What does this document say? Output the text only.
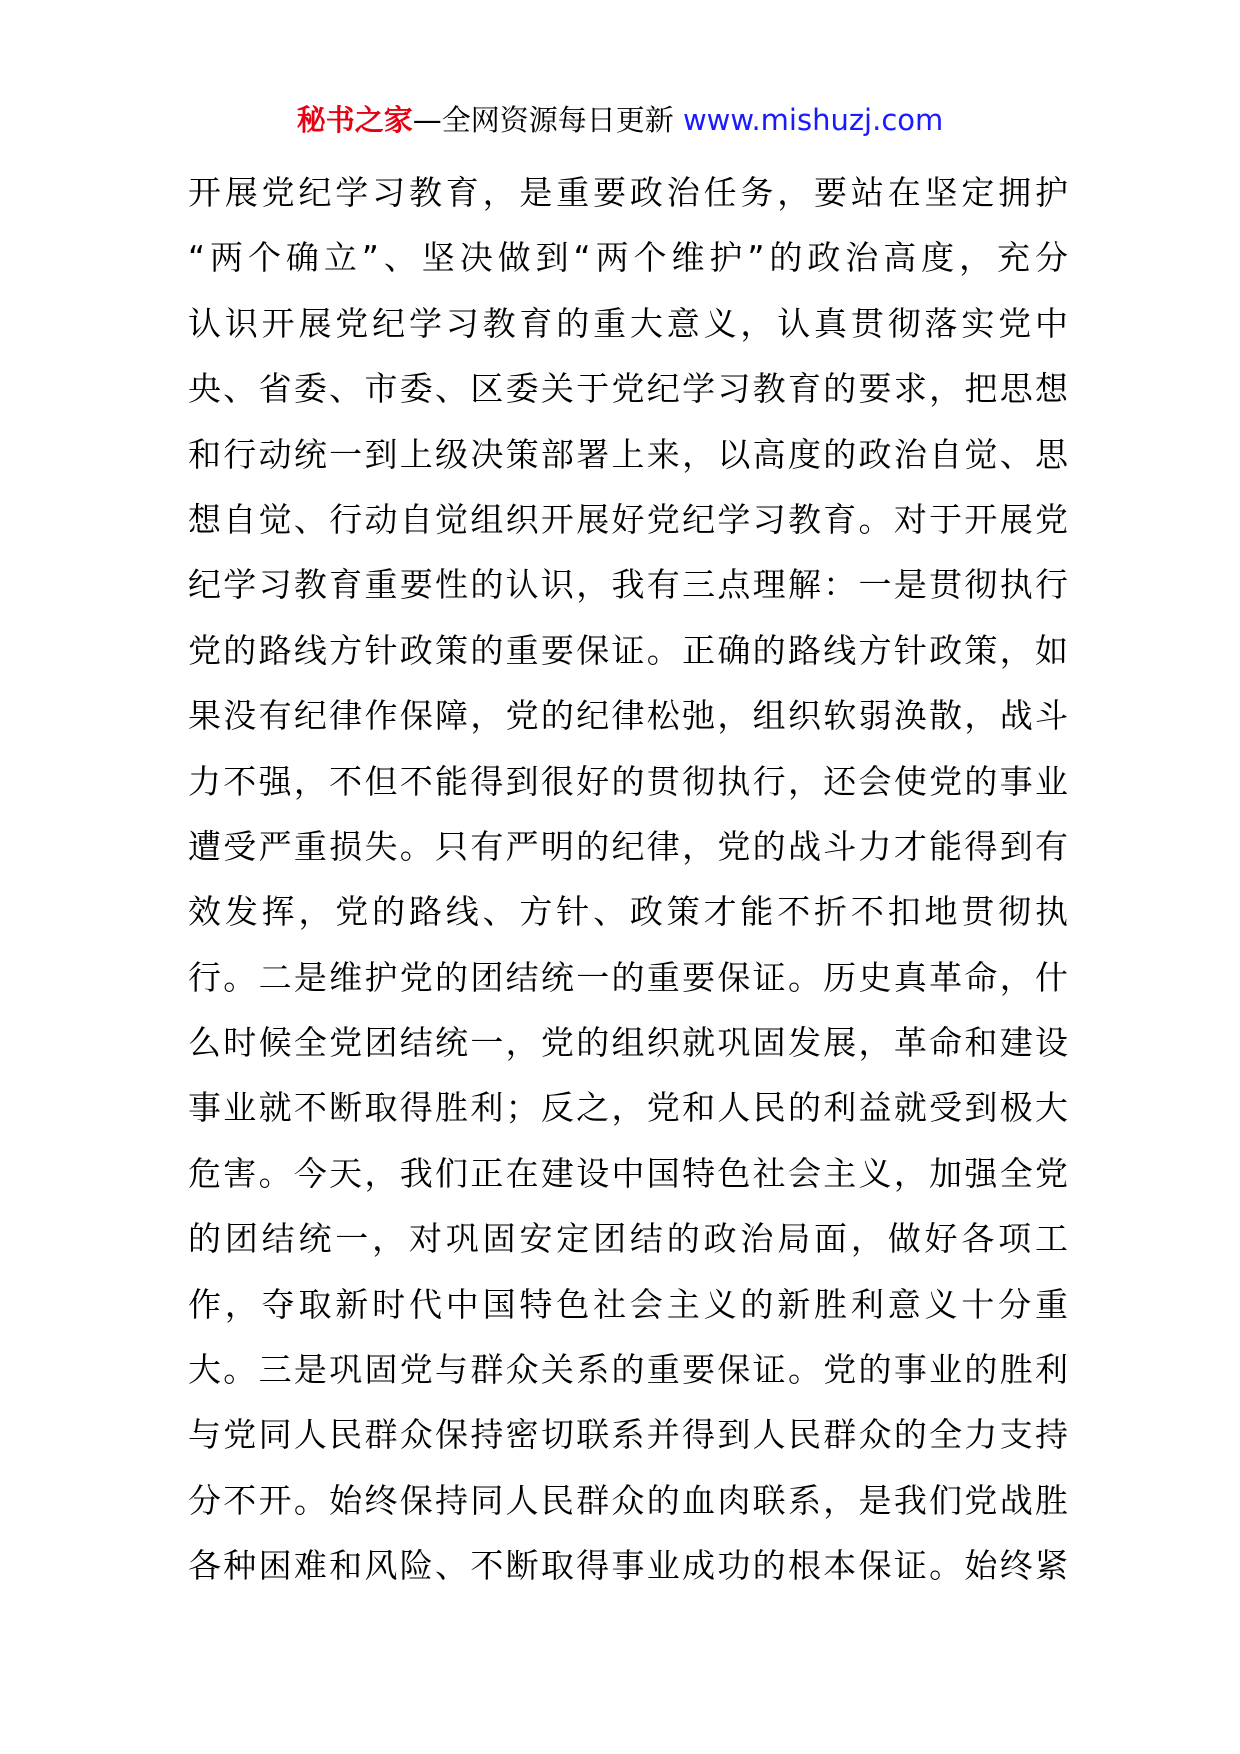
秘书之家—全网资源每日更新 www.mishuzj.com
开展党纪学习教育，是重要政治任务，要站在坚定拥护
“两个确立”、坚决做到“两个维护”的政治高度，充分
认识开展党纪学习教育的重大意义，认真贯彻落实党中
央、省委、市委、区委关于党纪学习教育的要求，把思想
和行动统一到上级决策部署上来，以高度的政治自觉、思
想自觉、行动自觉组织开展好党纪学习教育。对于开展党
纪学习教育重要性的认识，我有三点理解：一是贯彻执行
党的路线方针政策的重要保证。正确的路线方针政策，如
果没有纪律作保障，党的纪律松弛，组织软弱涣散，战斗
力不强，不但不能得到很好的贯彻执行，还会使党的事业
遭受严重损失。只有严明的纪律，党的战斗力才能得到有
效发挥，党的路线、方针、政策才能不折不扣地贯彻执
行。二是维护党的团结统一的重要保证。历史真革命，什
么时候全党团结统一，党的组织就巩固发展，革命和建设
事业就不断取得胜利；反之，党和人民的利益就受到极大
危害。今天，我们正在建设中国特色社会主义，加强全党
的团结统一，对巩固安定团结的政治局面，做好各项工
作，夺取新时代中国特色社会主义的新胜利意义十分重
大。三是巩固党与群众关系的重要保证。党的事业的胜利
与党同人民群众保持密切联系并得到人民群众的全力支持
分不开。始终保持同人民群众的血肉联系，是我们党战胜
各种困难和风险、不断取得事业成功的根本保证。始终紧
